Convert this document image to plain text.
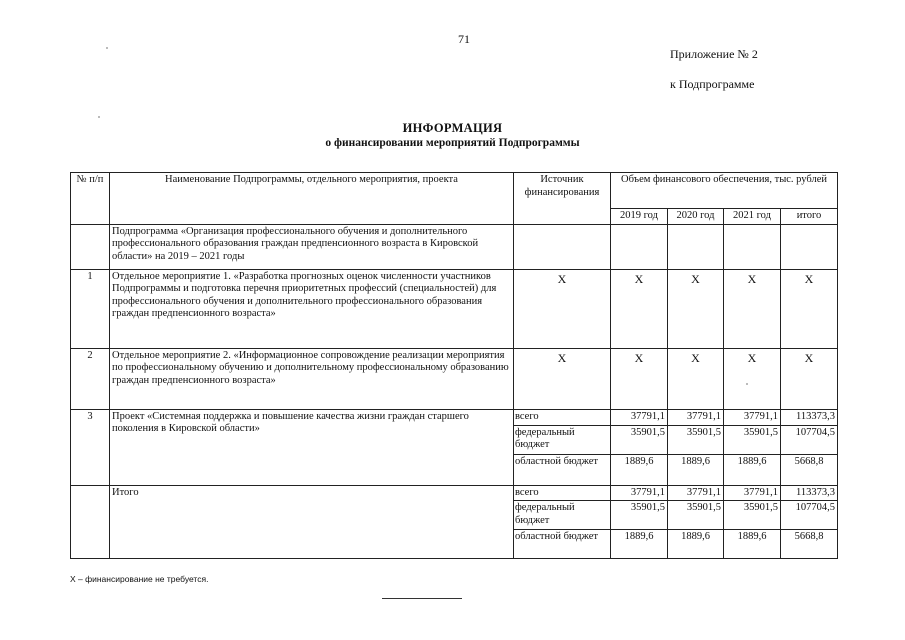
71
Приложение № 2
к Подпрограмме
ИНФОРМАЦИЯ
о финансировании мероприятий Подпрограммы
№ п/п	Наименование Подпрограммы, отдельного мероприятия, проекта	Источник финансирования	Объем финансового обеспечения, тыс. рублей			
			2019 год	2020 год	2021 год	итого
	Подпрограмма «Организация профессионального обучения и дополнительного профессионального образования граждан предпенсионного возраста в Кировской области» на 2019 – 2021 годы					
1	Отдельное мероприятие 1. «Разработка прогнозных оценок численности участников Подпрограммы и подготовка перечня приоритетных профессий (специальностей) для профессионального обучения и дополнительного профессионального образования граждан предпенсионного возраста»	X	X	X	X	X
2	Отдельное мероприятие 2. «Информационное сопровождение реализации мероприятия по профессиональному обучению и дополнительному профессиональному образованию граждан предпенсионного возраста»	X	X	X	X	X
3	Проект «Системная поддержка и повышение качества жизни граждан старшего поколения в Кировской области»	всего	37791,1	37791,1	37791,1	113373,3
		федеральный бюджет	35901,5	35901,5	35901,5	107704,5
		областной бюджет	1889,6	1889,6	1889,6	5668,8
	Итого	всего	37791,1	37791,1	37791,1	113373,3
		федеральный бюджет	35901,5	35901,5	35901,5	107704,5
		областной бюджет	1889,6	1889,6	1889,6	5668,8
Х – финансирование не требуется.
